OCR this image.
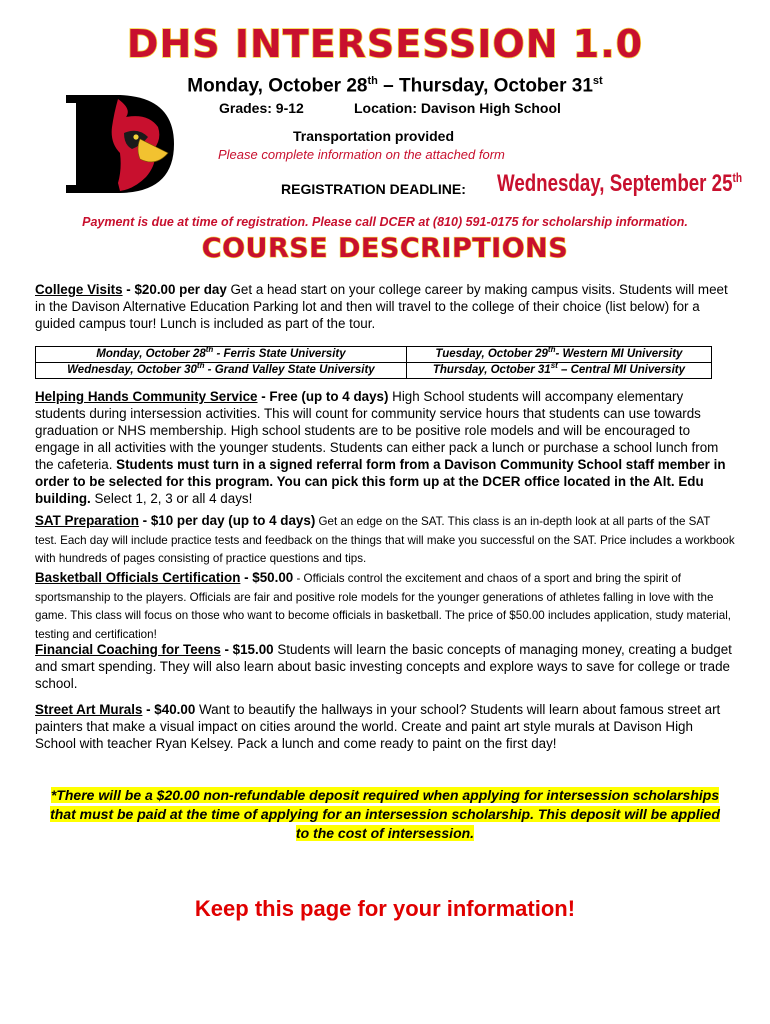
DHS INTERSESSION 1.0
Monday, October 28th – Thursday, October 31st
Grades: 9-12	Location: Davison High School
Transportation provided
Please complete information on the attached form
REGISTRATION DEADLINE: Wednesday, September 25th
Payment is due at time of registration. Please call DCER at (810) 591-0175 for scholarship information.
COURSE DESCRIPTIONS
College Visits - $20.00 per day Get a head start on your college career by making campus visits. Students will meet in the Davison Alternative Education Parking lot and then will travel to the college of their choice (list below) for a guided campus tour! Lunch is included as part of the tour.
Monday, October 28th - Ferris State University	Tuesday, October 29th- Western MI University
Wednesday, October 30th - Grand Valley State University	Thursday, October 31st – Central MI University
Helping Hands Community Service - Free (up to 4 days) High School students will accompany elementary students during intersession activities. This will count for community service hours that students can use towards graduation or NHS membership. High school students are to be positive role models and will be encouraged to engage in all activities with the younger students. Students can either pack a lunch or purchase a school lunch from the cafeteria. Students must turn in a signed referral form from a Davison Community School staff member in order to be selected for this program. You can pick this form up at the DCER office located in the Alt. Edu building. Select 1, 2, 3 or all 4 days!
SAT Preparation - $10 per day (up to 4 days) Get an edge on the SAT. This class is an in-depth look at all parts of the SAT test. Each day will include practice tests and feedback on the things that will make you successful on the SAT. Price includes a workbook with hundreds of pages consisting of practice questions and tips.
Basketball Officials Certification - $50.00 - Officials control the excitement and chaos of a sport and bring the spirit of sportsmanship to the players. Officials are fair and positive role models for the younger generations of athletes falling in love with the game. This class will focus on those who want to become officials in basketball. The price of $50.00 includes application, study material, testing and certification!
Financial Coaching for Teens - $15.00 Students will learn the basic concepts of managing money, creating a budget and smart spending. They will also learn about basic investing concepts and explore ways to save for college or trade school.
Street Art Murals - $40.00 Want to beautify the hallways in your school? Students will learn about famous street art painters that make a visual impact on cities around the world. Create and paint art style murals at Davison High School with teacher Ryan Kelsey. Pack a lunch and come ready to paint on the first day!
*There will be a $20.00 non-refundable deposit required when applying for intersession scholarships that must be paid at the time of applying for an intersession scholarship. This deposit will be applied to the cost of intersession.
Keep this page for your information!
